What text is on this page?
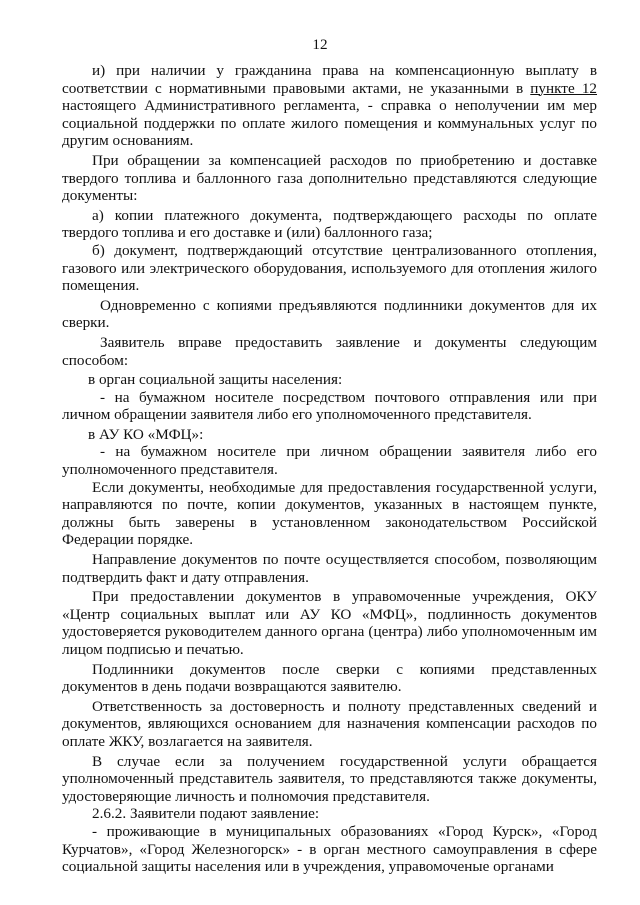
12

и) при наличии у гражданина права на компенсационную выплату в соответствии с нормативными правовыми актами, не указанными в пункте 12 настоящего Административного регламента, - справка о неполучении им мер социальной поддержки по оплате жилого помещения и коммунальных услуг по другим основаниям.

При обращении за компенсацией расходов по приобретению и доставке твердого топлива и баллонного газа дополнительно представляются следующие документы:

а) копии платежного документа, подтверждающего расходы по оплате твердого топлива и его доставке и (или) баллонного газа;

б) документ, подтверждающий отсутствие централизованного отопления, газового или электрического оборудования, используемого для отопления жилого помещения.

Одновременно с копиями предъявляются подлинники документов для их сверки.

Заявитель вправе предоставить заявление и документы следующим способом:

в орган социальной защиты населения:

- на бумажном носителе посредством почтового отправления или при личном обращении заявителя либо его уполномоченного представителя.

в АУ КО «МФЦ»:

- на бумажном носителе при личном обращении заявителя либо его уполномоченного представителя.

Если документы, необходимые для предоставления государственной услуги, направляются по почте, копии документов, указанных в настоящем пункте, должны быть заверены в установленном законодательством Российской Федерации порядке.

Направление документов по почте осуществляется способом, позволяющим подтвердить факт и дату отправления.

При предоставлении документов в управомоченные учреждения, ОКУ «Центр социальных выплат или АУ КО «МФЦ», подлинность документов удостоверяется руководителем данного органа (центра) либо уполномоченным им лицом подписью и печатью.

Подлинники документов после сверки с копиями представленных документов в день подачи возвращаются заявителю.

Ответственность за достоверность и полноту представленных сведений и документов, являющихся основанием для назначения компенсации расходов по оплате ЖКУ, возлагается на заявителя.

В случае если за получением государственной услуги обращается уполномоченный представитель заявителя, то представляются также документы, удостоверяющие личность и полномочия представителя.

2.6.2. Заявители подают заявление:

- проживающие в муниципальных образованиях «Город Курск», «Город Курчатов», «Город Железногорск» - в орган местного самоуправления в сфере социальной защиты населения или в учреждения, управомоченые органами
